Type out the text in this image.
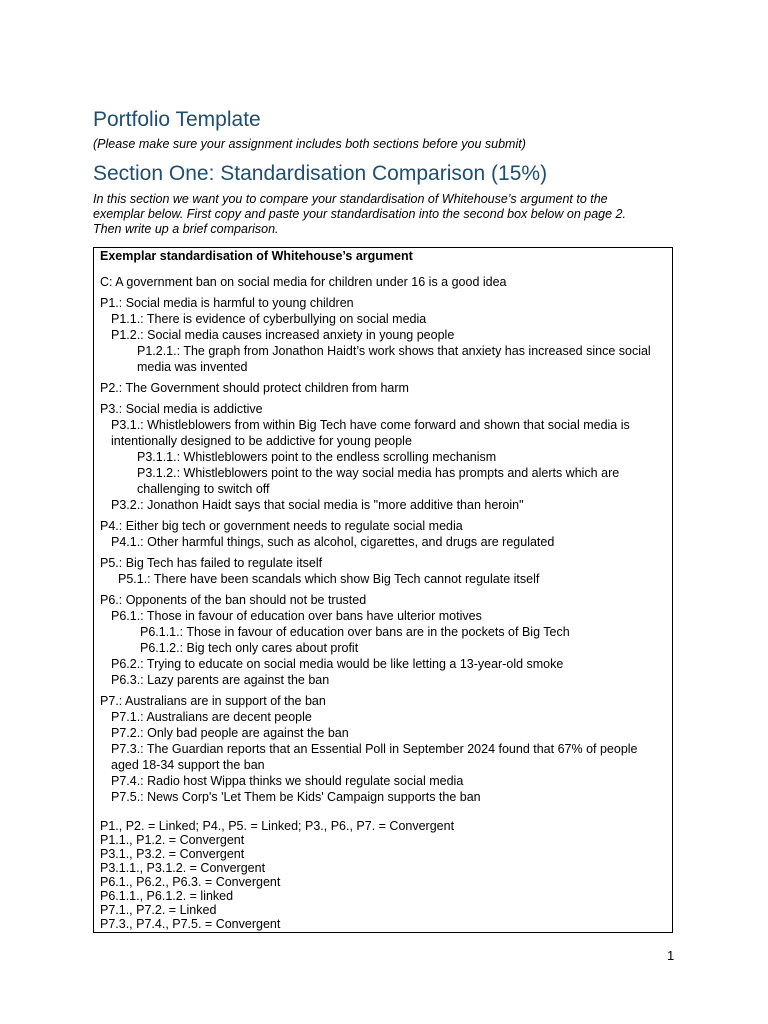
Portfolio Template
(Please make sure your assignment includes both sections before you submit)
Section One: Standardisation Comparison (15%)
In this section we want you to compare your standardisation of Whitehouse’s argument to the
exemplar below. First copy and paste your standardisation into the second box below on page 2.
Then write up a brief comparison.
Exemplar standardisation of Whitehouse’s argument
C: A government ban on social media for children under 16 is a good idea
P1.: Social media is harmful to young children
P1.1.: There is evidence of cyberbullying on social media
P1.2.: Social media causes increased anxiety in young people
P1.2.1.: The graph from Jonathon Haidt’s work shows that anxiety has increased since social
media was invented
P2.: The Government should protect children from harm
P3.: Social media is addictive
P3.1.: Whistleblowers from within Big Tech have come forward and shown that social media is
intentionally designed to be addictive for young people
P3.1.1.: Whistleblowers point to the endless scrolling mechanism
P3.1.2.: Whistleblowers point to the way social media has prompts and alerts which are
challenging to switch off
P3.2.: Jonathon Haidt says that social media is "more additive than heroin"
P4.: Either big tech or government needs to regulate social media
P4.1.: Other harmful things, such as alcohol, cigarettes, and drugs are regulated
P5.: Big Tech has failed to regulate itself
P5.1.: There have been scandals which show Big Tech cannot regulate itself
P6.: Opponents of the ban should not be trusted
P6.1.: Those in favour of education over bans have ulterior motives
P6.1.1.: Those in favour of education over bans are in the pockets of Big Tech
P6.1.2.: Big tech only cares about profit
P6.2.: Trying to educate on social media would be like letting a 13-year-old smoke
P6.3.: Lazy parents are against the ban
P7.: Australians are in support of the ban
P7.1.: Australians are decent people
P7.2.: Only bad people are against the ban
P7.3.: The Guardian reports that an Essential Poll in September 2024 found that 67% of people
aged 18-34 support the ban
P7.4.: Radio host Wippa thinks we should regulate social media
P7.5.: News Corp's 'Let Them be Kids' Campaign supports the ban
P1., P2. = Linked; P4., P5. = Linked; P3., P6., P7. = Convergent
P1.1., P1.2. = Convergent
P3.1., P3.2. = Convergent
P3.1.1., P3.1.2. = Convergent
P6.1., P6.2., P6.3. = Convergent
P6.1.1., P6.1.2. = linked
P7.1., P7.2. = Linked
P7.3., P7.4., P7.5. = Convergent
1
